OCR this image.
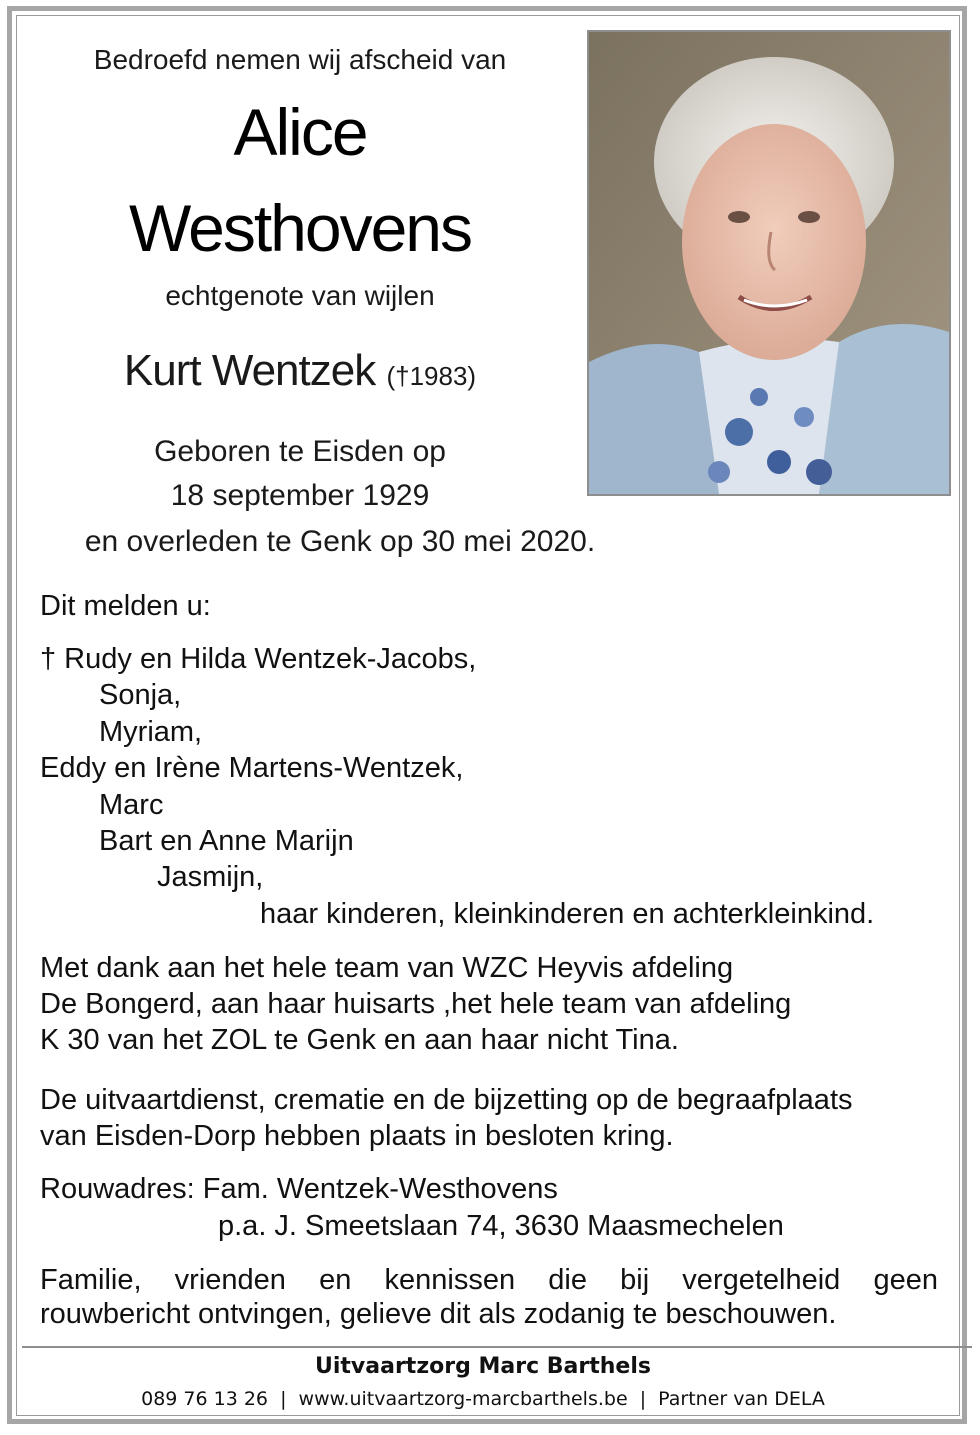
Bedroefd nemen wij afscheid van
Alice
Westhovens
echtgenote van wijlen
Kurt Wentzek (†1983)
Geboren te Eisden op
18 september 1929
en overleden te Genk op 30 mei 2020.
Dit melden u:
† Rudy en Hilda Wentzek-Jacobs,
Sonja,
Myriam,
Eddy en Irène Martens-Wentzek,
Marc
Bart en Anne Marijn
Jasmijn,
haar kinderen, kleinkinderen en achterkleinkind.
Met dank aan het hele team van WZC Heyvis afdeling
De Bongerd, aan haar huisarts ,het hele team van afdeling
K 30 van het ZOL te Genk en aan haar nicht Tina.
De uitvaartdienst, crematie en de bijzetting op de begraafplaats
van Eisden-Dorp hebben plaats in besloten kring.
Rouwadres: Fam. Wentzek-Westhovens
p.a. J. Smeetslaan 74, 3630 Maasmechelen
Familie, vrienden en kennissen die bij vergetelheid geen
rouwbericht ontvingen, gelieve dit als zodanig te beschouwen.
Uitvaartzorg Marc Barthels
089 76 13 26 | www.uitvaartzorg-marcbarthels.be | Partner van DELA
